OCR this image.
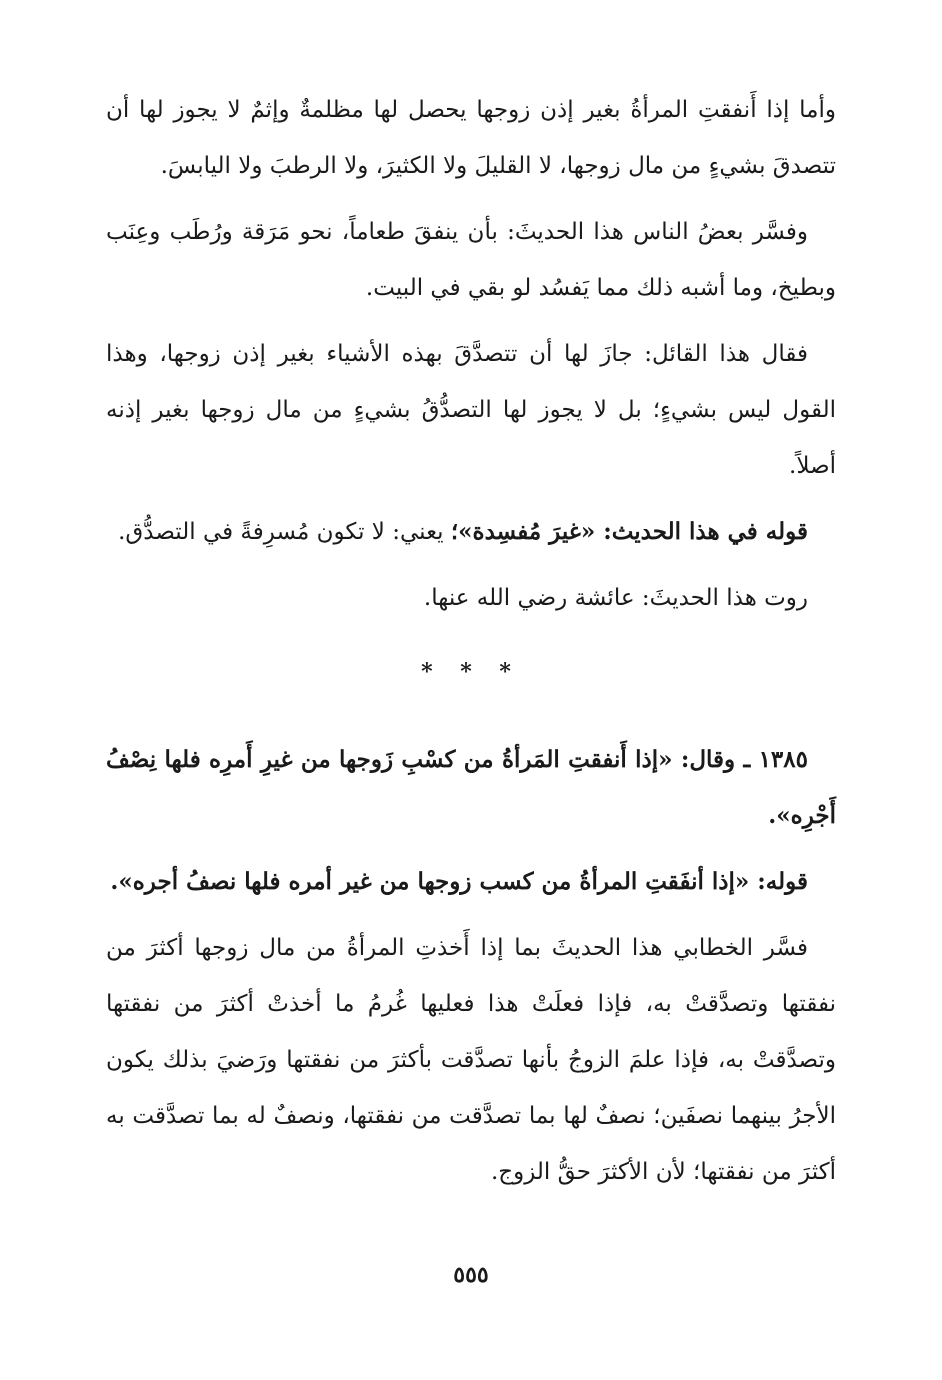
وأما إذا أَنفقتِ المرأةُ بغير إذن زوجها يحصل لها مظلمةٌ وإثمٌ لا يجوز لها أن تتصدقَ بشيءٍ من مال زوجها، لا القليلَ ولا الكثيرَ، ولا الرطبَ ولا اليابسَ.

وفسَّر بعضُ الناس هذا الحديثَ: بأن ينفقَ طعاماً، نحو مَرَقة ورُطَب وعِنَب وبطيخ، وما أشبه ذلك مما يَفسُد لو بقي في البيت.

فقال هذا القائل: جازَ لها أن تتصدَّقَ بهذه الأشياء بغير إذن زوجها، وهذا القول ليس بشيءٍ؛ بل لا يجوز لها التصدُّقُ بشيءٍ من مال زوجها بغير إذنه أصلاً.

قوله في هذا الحديث: «غيرَ مُفسِدة»؛ يعني: لا تكون مُسرِفةً في التصدُّق.

روت هذا الحديثَ: عائشة رضي الله عنها.

* * *

١٣٨٥ ـ وقال: «إذا أَنفقتِ المَرأةُ من كسْبِ زَوجها من غيرِ أَمرِه فلها نِصْفُ أَجْرِه».

قوله: «إذا أنفَقتِ المرأةُ من كسب زوجها من غير أمره فلها نصفُ أجره».

فسَّر الخطابي هذا الحديثَ بما إذا أَخذتِ المرأةُ من مال زوجها أكثرَ من نفقتها وتصدَّقتْ به، فإذا فعلَتْ هذا فعليها غُرمُ ما أخذتْ أكثرَ من نفقتها وتصدَّقتْ به، فإذا علمَ الزوجُ بأنها تصدَّقت بأكثرَ من نفقتها ورَضيَ بذلك يكون الأجرُ بينهما نصفَين؛ نصفٌ لها بما تصدَّقت من نفقتها، ونصفٌ له بما تصدَّقت به أكثرَ من نفقتها؛ لأن الأكثرَ حقُّ الزوج.

٥٥٥
